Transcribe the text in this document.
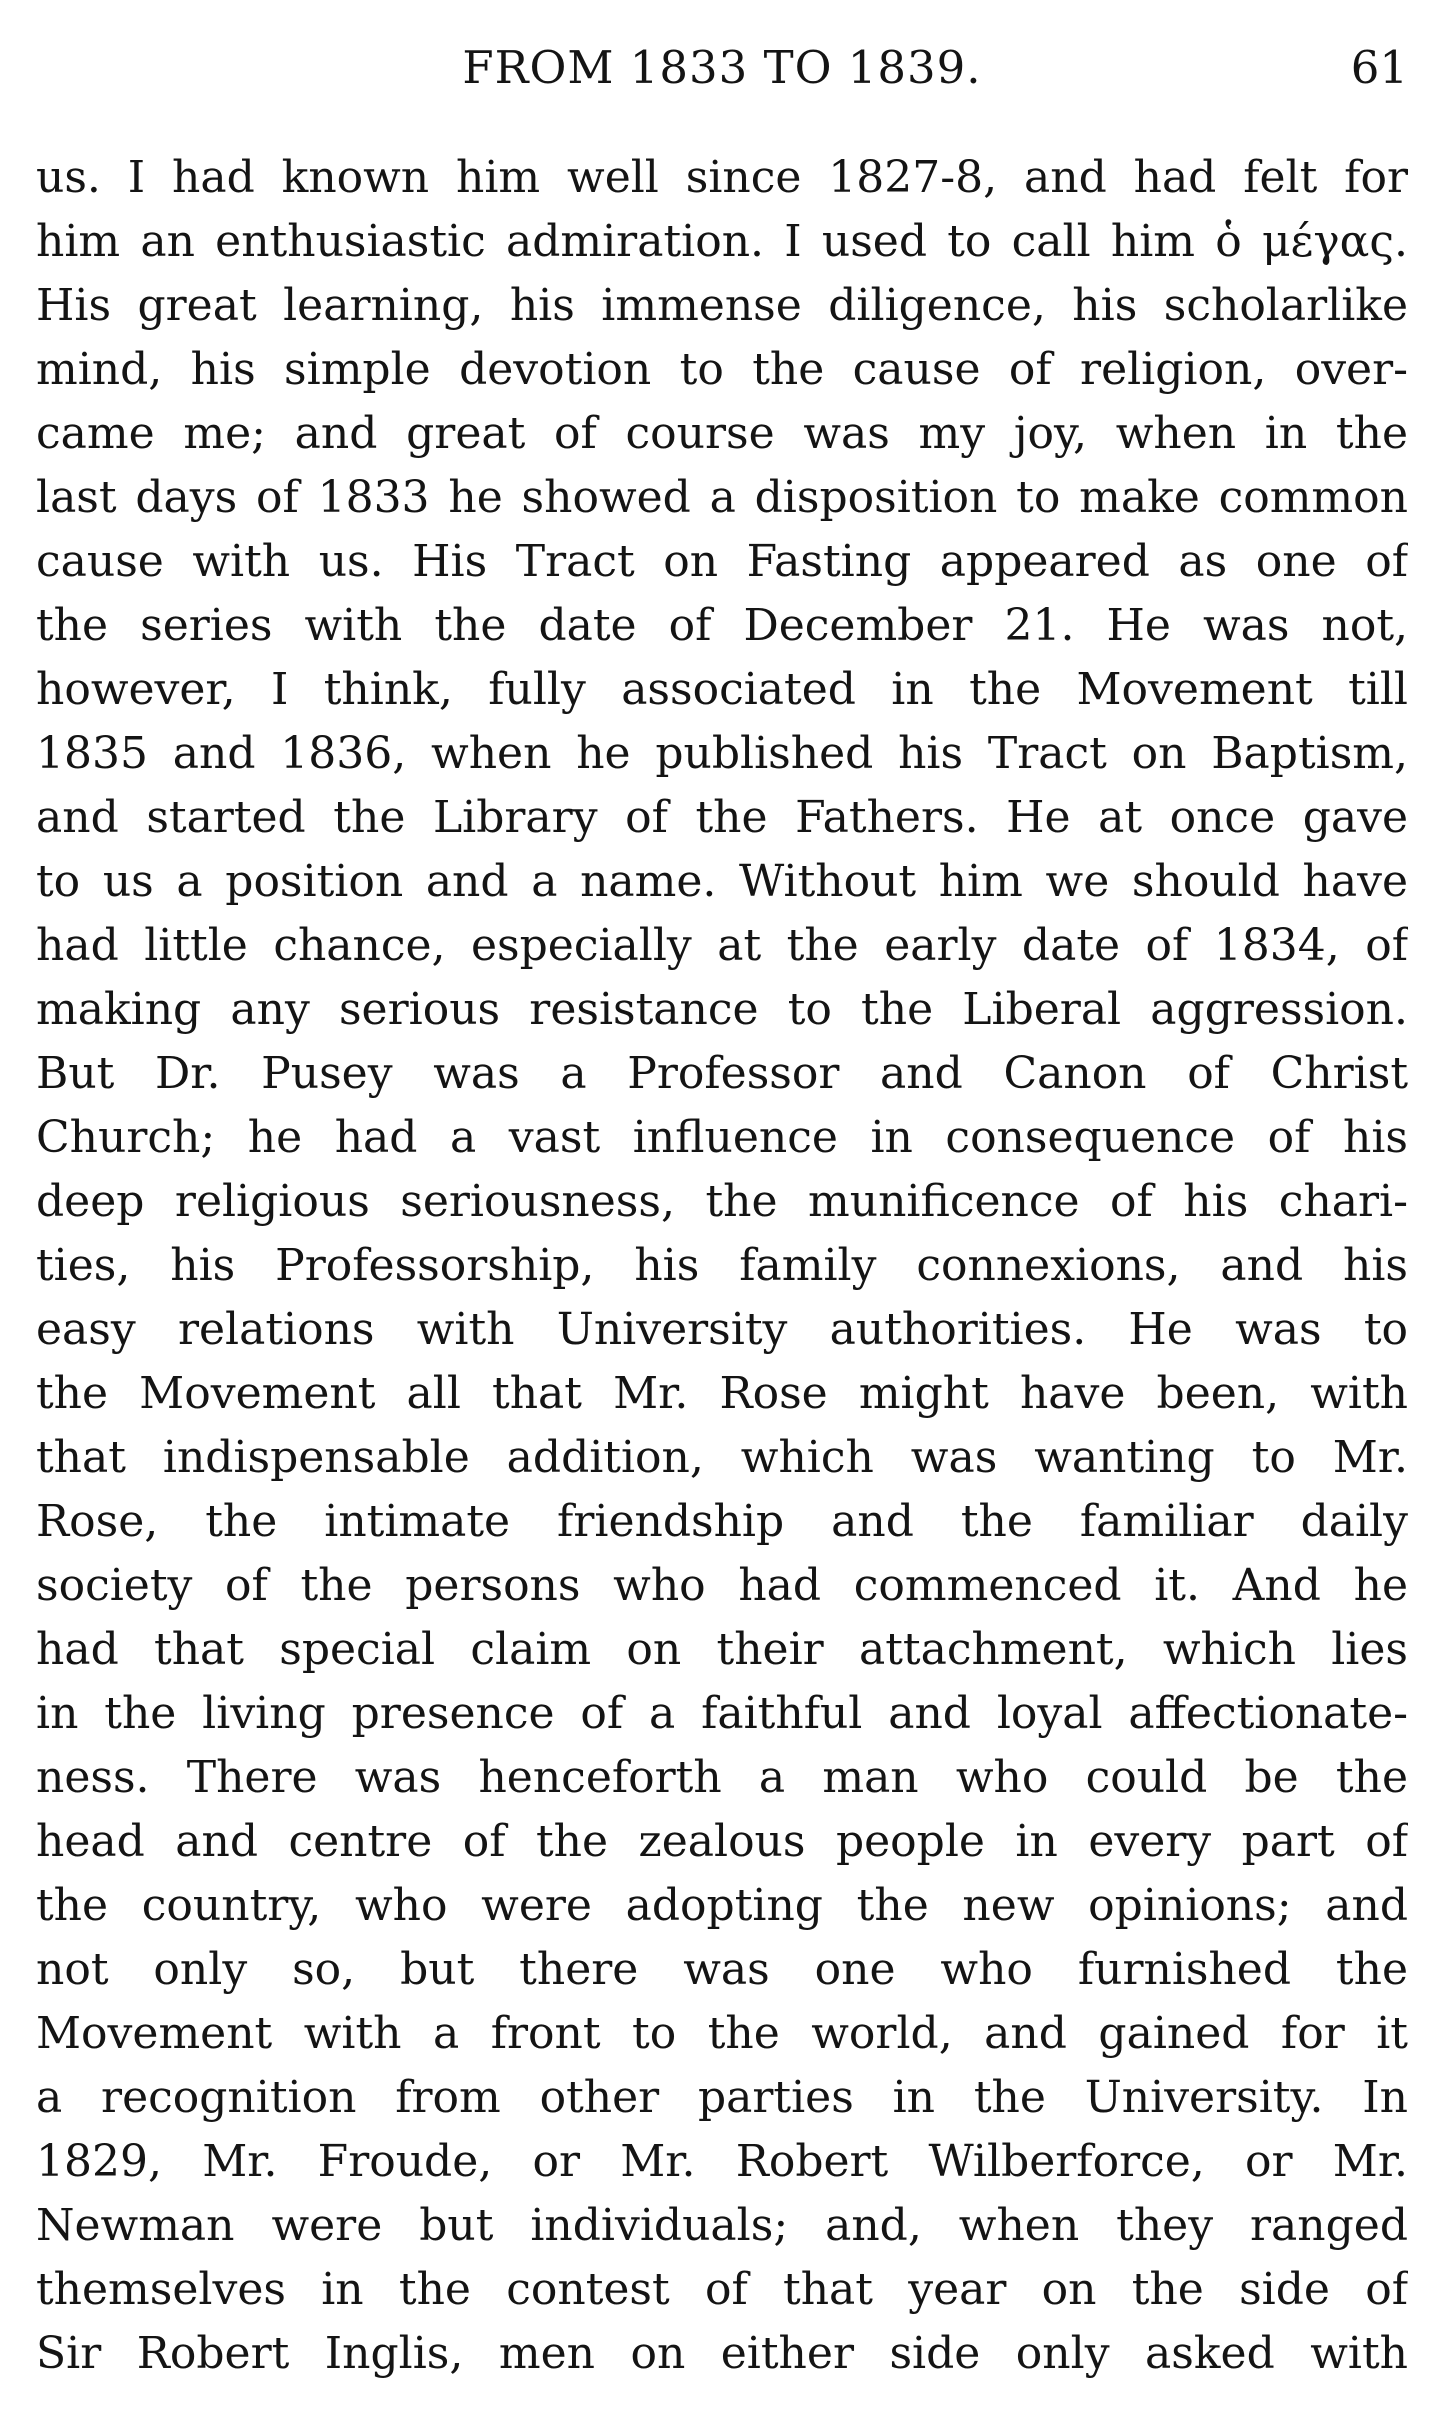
FROM 1833 TO 1839.	61
us. I had known him well since 1827-8, and had felt for
him an enthusiastic admiration. I used to call him ὁ μέγας.
His great learning, his immense diligence, his scholarlike
mind, his simple devotion to the cause of religion, over-
came me; and great of course was my joy, when in the
last days of 1833 he showed a disposition to make common
cause with us. His Tract on Fasting appeared as one of
the series with the date of December 21. He was not,
however, I think, fully associated in the Movement till
1835 and 1836, when he published his Tract on Baptism,
and started the Library of the Fathers. He at once gave
to us a position and a name. Without him we should have
had little chance, especially at the early date of 1834, of
making any serious resistance to the Liberal aggression.
But Dr. Pusey was a Professor and Canon of Christ
Church; he had a vast influence in consequence of his
deep religious seriousness, the munificence of his chari-
ties, his Professorship, his family connexions, and his
easy relations with University authorities. He was to
the Movement all that Mr. Rose might have been, with
that indispensable addition, which was wanting to Mr.
Rose, the intimate friendship and the familiar daily
society of the persons who had commenced it. And he
had that special claim on their attachment, which lies
in the living presence of a faithful and loyal affectionate-
ness. There was henceforth a man who could be the
head and centre of the zealous people in every part of
the country, who were adopting the new opinions; and
not only so, but there was one who furnished the
Movement with a front to the world, and gained for it
a recognition from other parties in the University. In
1829, Mr. Froude, or Mr. Robert Wilberforce, or Mr.
Newman were but individuals; and, when they ranged
themselves in the contest of that year on the side of
Sir Robert Inglis, men on either side only asked with
